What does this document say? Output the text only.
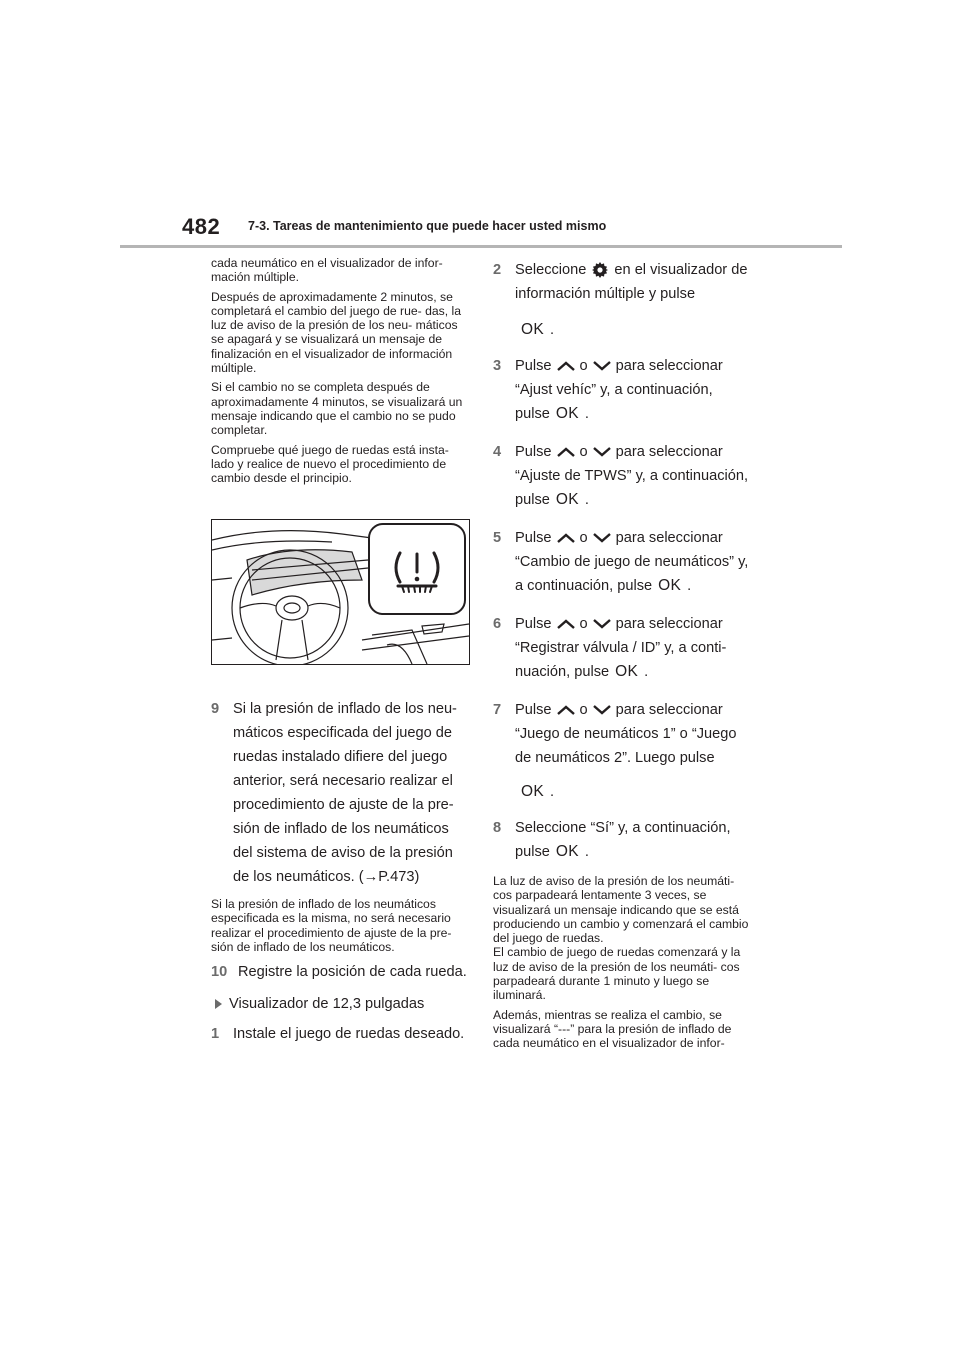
482 7-3. Tareas de mantenimiento que puede hacer usted mismo

cada neumático en el visualizador de infor- mación múltiple.

Después de aproximadamente 2 minutos, se completará el cambio del juego de rue- das, la luz de aviso de la presión de los neu- máticos se apagará y se visualizará un mensaje de finalización en el visualizador de información múltiple.

Si el cambio no se completa después de aproximadamente 4 minutos, se visualizará un mensaje indicando que el cambio no se pudo completar.

Compruebe qué juego de ruedas está insta- lado y realice de nuevo el procedimiento de cambio desde el principio.

9 Si la presión de inflado de los neu- máticos especificada del juego de ruedas instalado difiere del juego anterior, será necesario realizar el procedimiento de ajuste de la pre- sión de inflado de los neumáticos del sistema de aviso de la presión de los neumáticos. (→P.473)

Si la presión de inflado de los neumáticos especificada es la misma, no será necesario realizar el procedimiento de ajuste de la pre- sión de inflado de los neumáticos.

10 Registre la posición de cada rueda.
Visualizador de 12,3 pulgadas
1 Instale el juego de ruedas deseado.
2 Seleccione en el visualizador de información múltiple y pulse
OK .
3 Pulse o para seleccionar “Ajust vehíc” y, a continuación, pulse OK .
4 Pulse o para seleccionar “Ajuste de TPWS” y, a continuación, pulse OK .
5 Pulse o para seleccionar “Cambio de juego de neumáticos” y, a continuación, pulse OK .
6 Pulse o para seleccionar “Registrar válvula / ID” y, a conti- nuación, pulse OK .
7 Pulse o para seleccionar “Juego de neumáticos 1” o “Juego de neumáticos 2”. Luego pulse
OK .
8 Seleccione “Sí” y, a continuación, pulse OK .

La luz de aviso de la presión de los neumáti- cos parpadeará lentamente 3 veces, se visualizará un mensaje indicando que se está produciendo un cambio y comenzará el cambio del juego de ruedas.

El cambio de juego de ruedas comenzará y la luz de aviso de la presión de los neumáti- cos parpadeará durante 1 minuto y luego se iluminará.

Además, mientras se realiza el cambio, se visualizará “---” para la presión de inflado de cada neumático en el visualizador de infor-
